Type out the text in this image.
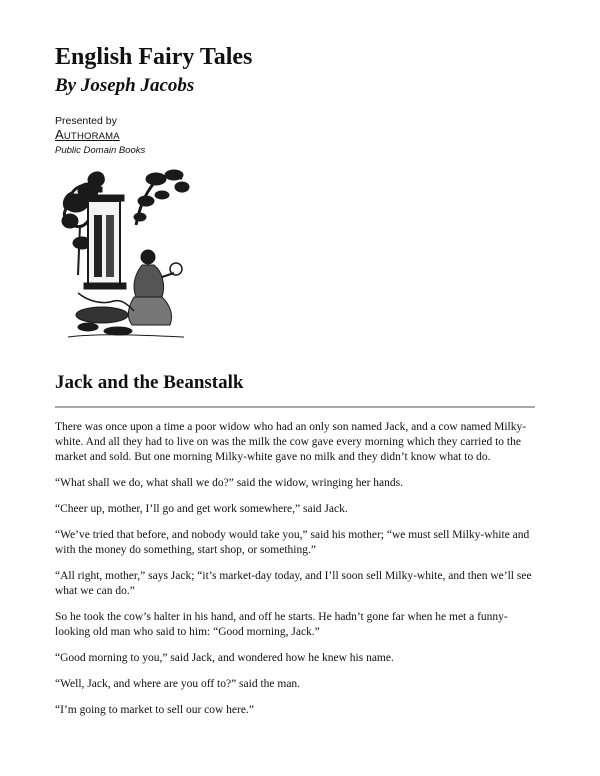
English Fairy Tales
By Joseph Jacobs
Presented by
AUTHORAMA
Public Domain Books
Jack and the Beanstalk

There was once upon a time a poor widow who had an only son named Jack, and a cow named Milky-white. And all they had to live on was the milk the cow gave every morning which they carried to the market and sold. But one morning Milky-white gave no milk and they didn’t know what to do.

“What shall we do, what shall we do?” said the widow, wringing her hands.

“Cheer up, mother, I’ll go and get work somewhere,” said Jack.

“We’ve tried that before, and nobody would take you,” said his mother; “we must sell Milky-white and with the money do something, start shop, or something.”

“All right, mother,” says Jack; “it’s market-day today, and I’ll soon sell Milky-white, and then we’ll see what we can do.”

So he took the cow’s halter in his hand, and off he starts. He hadn’t gone far when he met a funny-looking old man who said to him: “Good morning, Jack.”

“Good morning to you,” said Jack, and wondered how he knew his name.

“Well, Jack, and where are you off to?” said the man.

“I’m going to market to sell our cow here.”
